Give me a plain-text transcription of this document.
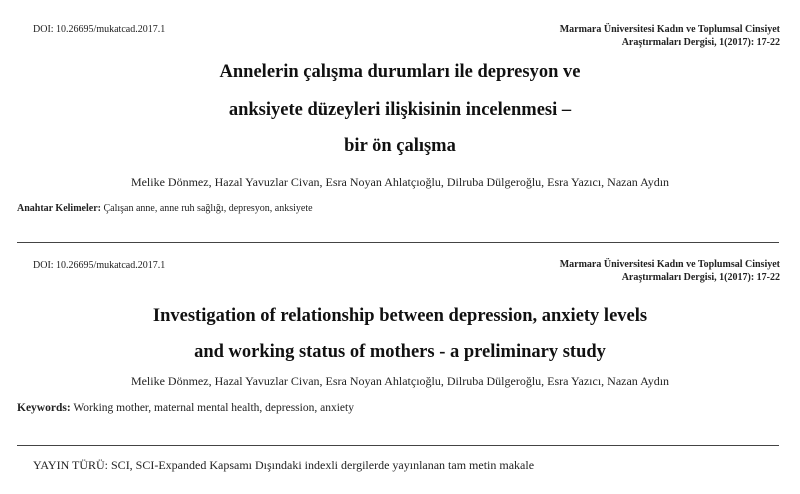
DOI: 10.26695/mukatcad.2017.1	Marmara Üniversitesi Kadın ve Toplumsal Cinsiyet
Araştırmaları Dergisi, 1(2017): 17-22
Annelerin çalışma durumları ile depresyon ve
anksiyete düzeyleri ilişkisinin incelenmesi –
bir ön çalışma
Melike Dönmez, Hazal Yavuzlar Civan, Esra Noyan Ahlatçıoğlu, Dilruba Dülgeroğlu, Esra Yazıcı, Nazan Aydın
Anahtar Kelimeler: Çalışan anne, anne ruh sağlığı, depresyon, anksiyete
DOI: 10.26695/mukatcad.2017.1	Marmara Üniversitesi Kadın ve Toplumsal Cinsiyet
Araştırmaları Dergisi, 1(2017): 17-22
Investigation of relationship between depression, anxiety levels
and working status of mothers - a preliminary study
Melike Dönmez, Hazal Yavuzlar Civan, Esra Noyan Ahlatçıoğlu, Dilruba Dülgeroğlu, Esra Yazıcı, Nazan Aydın
Keywords: Working mother, maternal mental health, depression, anxiety
YAYIN TÜRÜ: SCI, SCI-Expanded Kapsamı Dışındaki indexli dergilerde yayınlanan tam metin makale
